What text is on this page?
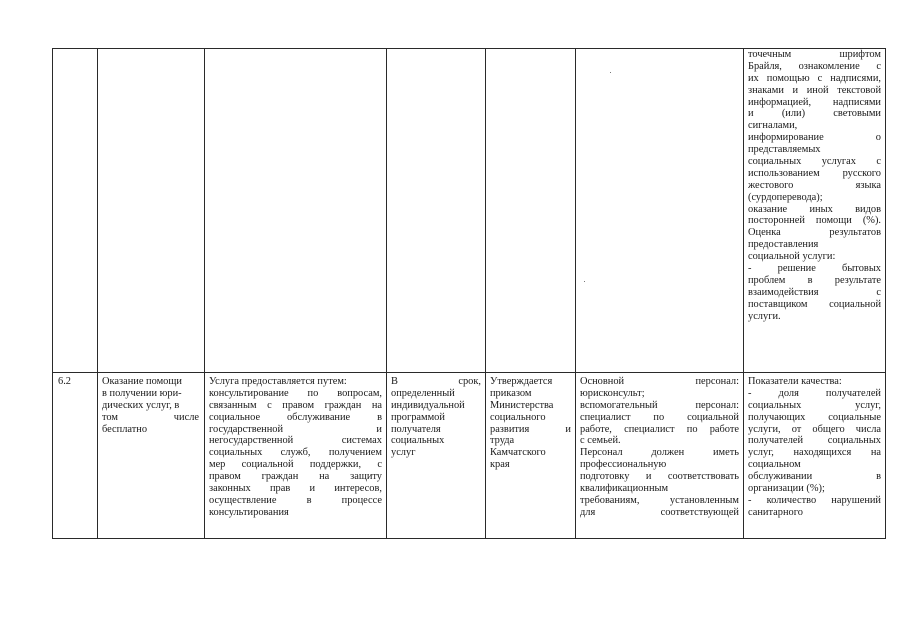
точечным шрифтом
Брайля, ознакомление с
их помощью с надписями,
знаками и иной текстовой
информацией, надписями
и (или) световыми
сигналами,
информирование о
представляемых
социальных услугах с
использованием русского
жестового языка
(сурдоперевода);
оказание иных видов
посторонней помощи (%).
Оценка результатов
предоставления
социальной услуги:
- решение бытовых
проблем в результате
взаимодействия с
поставщиком социальной
услуги.
6.2	Оказание помощи
в получении юри-
дических услуг, в
том числе
бесплатно
Услуга предоставляется путем:
консультирование по вопросам,
связанным с правом граждан на
социальное обслуживание в
государственной и
негосударственной системах
социальных служб, получением
мер социальной поддержки, с
правом граждан на защиту
законных прав и интересов,
осуществление в процессе
консультирования
В срок,
определенный
индивидуальной
программой
получателя
социальных
услуг
Утверждается
приказом
Министерства
социального
развития и
труда
Камчатского
края
Основной персонал:
юрисконсульт;
вспомогательный персонал:
специалист по социальной
работе, специалист по работе
с семьей.
Персонал должен иметь
профессиональную
подготовку и соответствовать
квалификационным
требованиям, установленным
для соответствующей
Показатели качества:
- доля получателей
социальных услуг,
получающих социальные
услуги, от общего числа
получателей социальных
услуг, находящихся на
социальном
обслуживании в
организации (%);
- количество нарушений
санитарного
